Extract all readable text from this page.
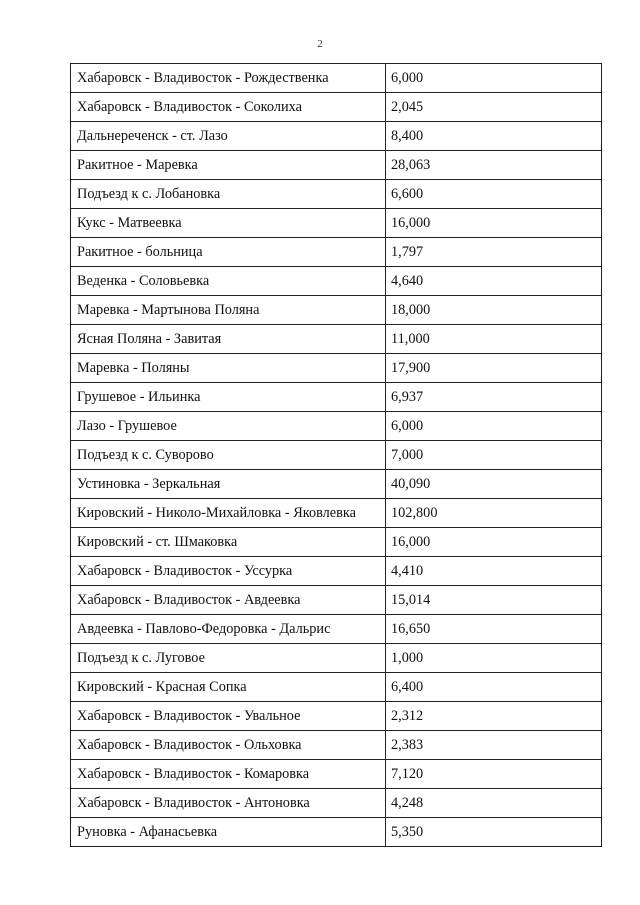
2
Хабаровск - Владивосток - Рождественка	6,000
Хабаровск - Владивосток - Соколиха	2,045
Дальнереченск - ст. Лазо	8,400
Ракитное - Маревка	28,063
Подъезд к с. Лобановка	6,600
Кукс - Матвеевка	16,000
Ракитное - больница	1,797
Веденка - Соловьевка	4,640
Маревка - Мартынова Поляна	18,000
Ясная Поляна - Завитая	11,000
Маревка - Поляны	17,900
Грушевое - Ильинка	6,937
Лазо - Грушевое	6,000
Подъезд к с. Суворово	7,000
Устиновка - Зеркальная	40,090
Кировский - Николо-Михайловка - Яковлевка	102,800
Кировский - ст. Шмаковка	16,000
Хабаровск - Владивосток - Уссурка	4,410
Хабаровск - Владивосток - Авдеевка	15,014
Авдеевка - Павлово-Федоровка - Дальрис	16,650
Подъезд к с. Луговое	1,000
Кировский - Красная Сопка	6,400
Хабаровск - Владивосток - Увальное	2,312
Хабаровск - Владивосток - Ольховка	2,383
Хабаровск - Владивосток - Комаровка	7,120
Хабаровск - Владивосток - Антоновка	4,248
Руновка - Афанасьевка	5,350
